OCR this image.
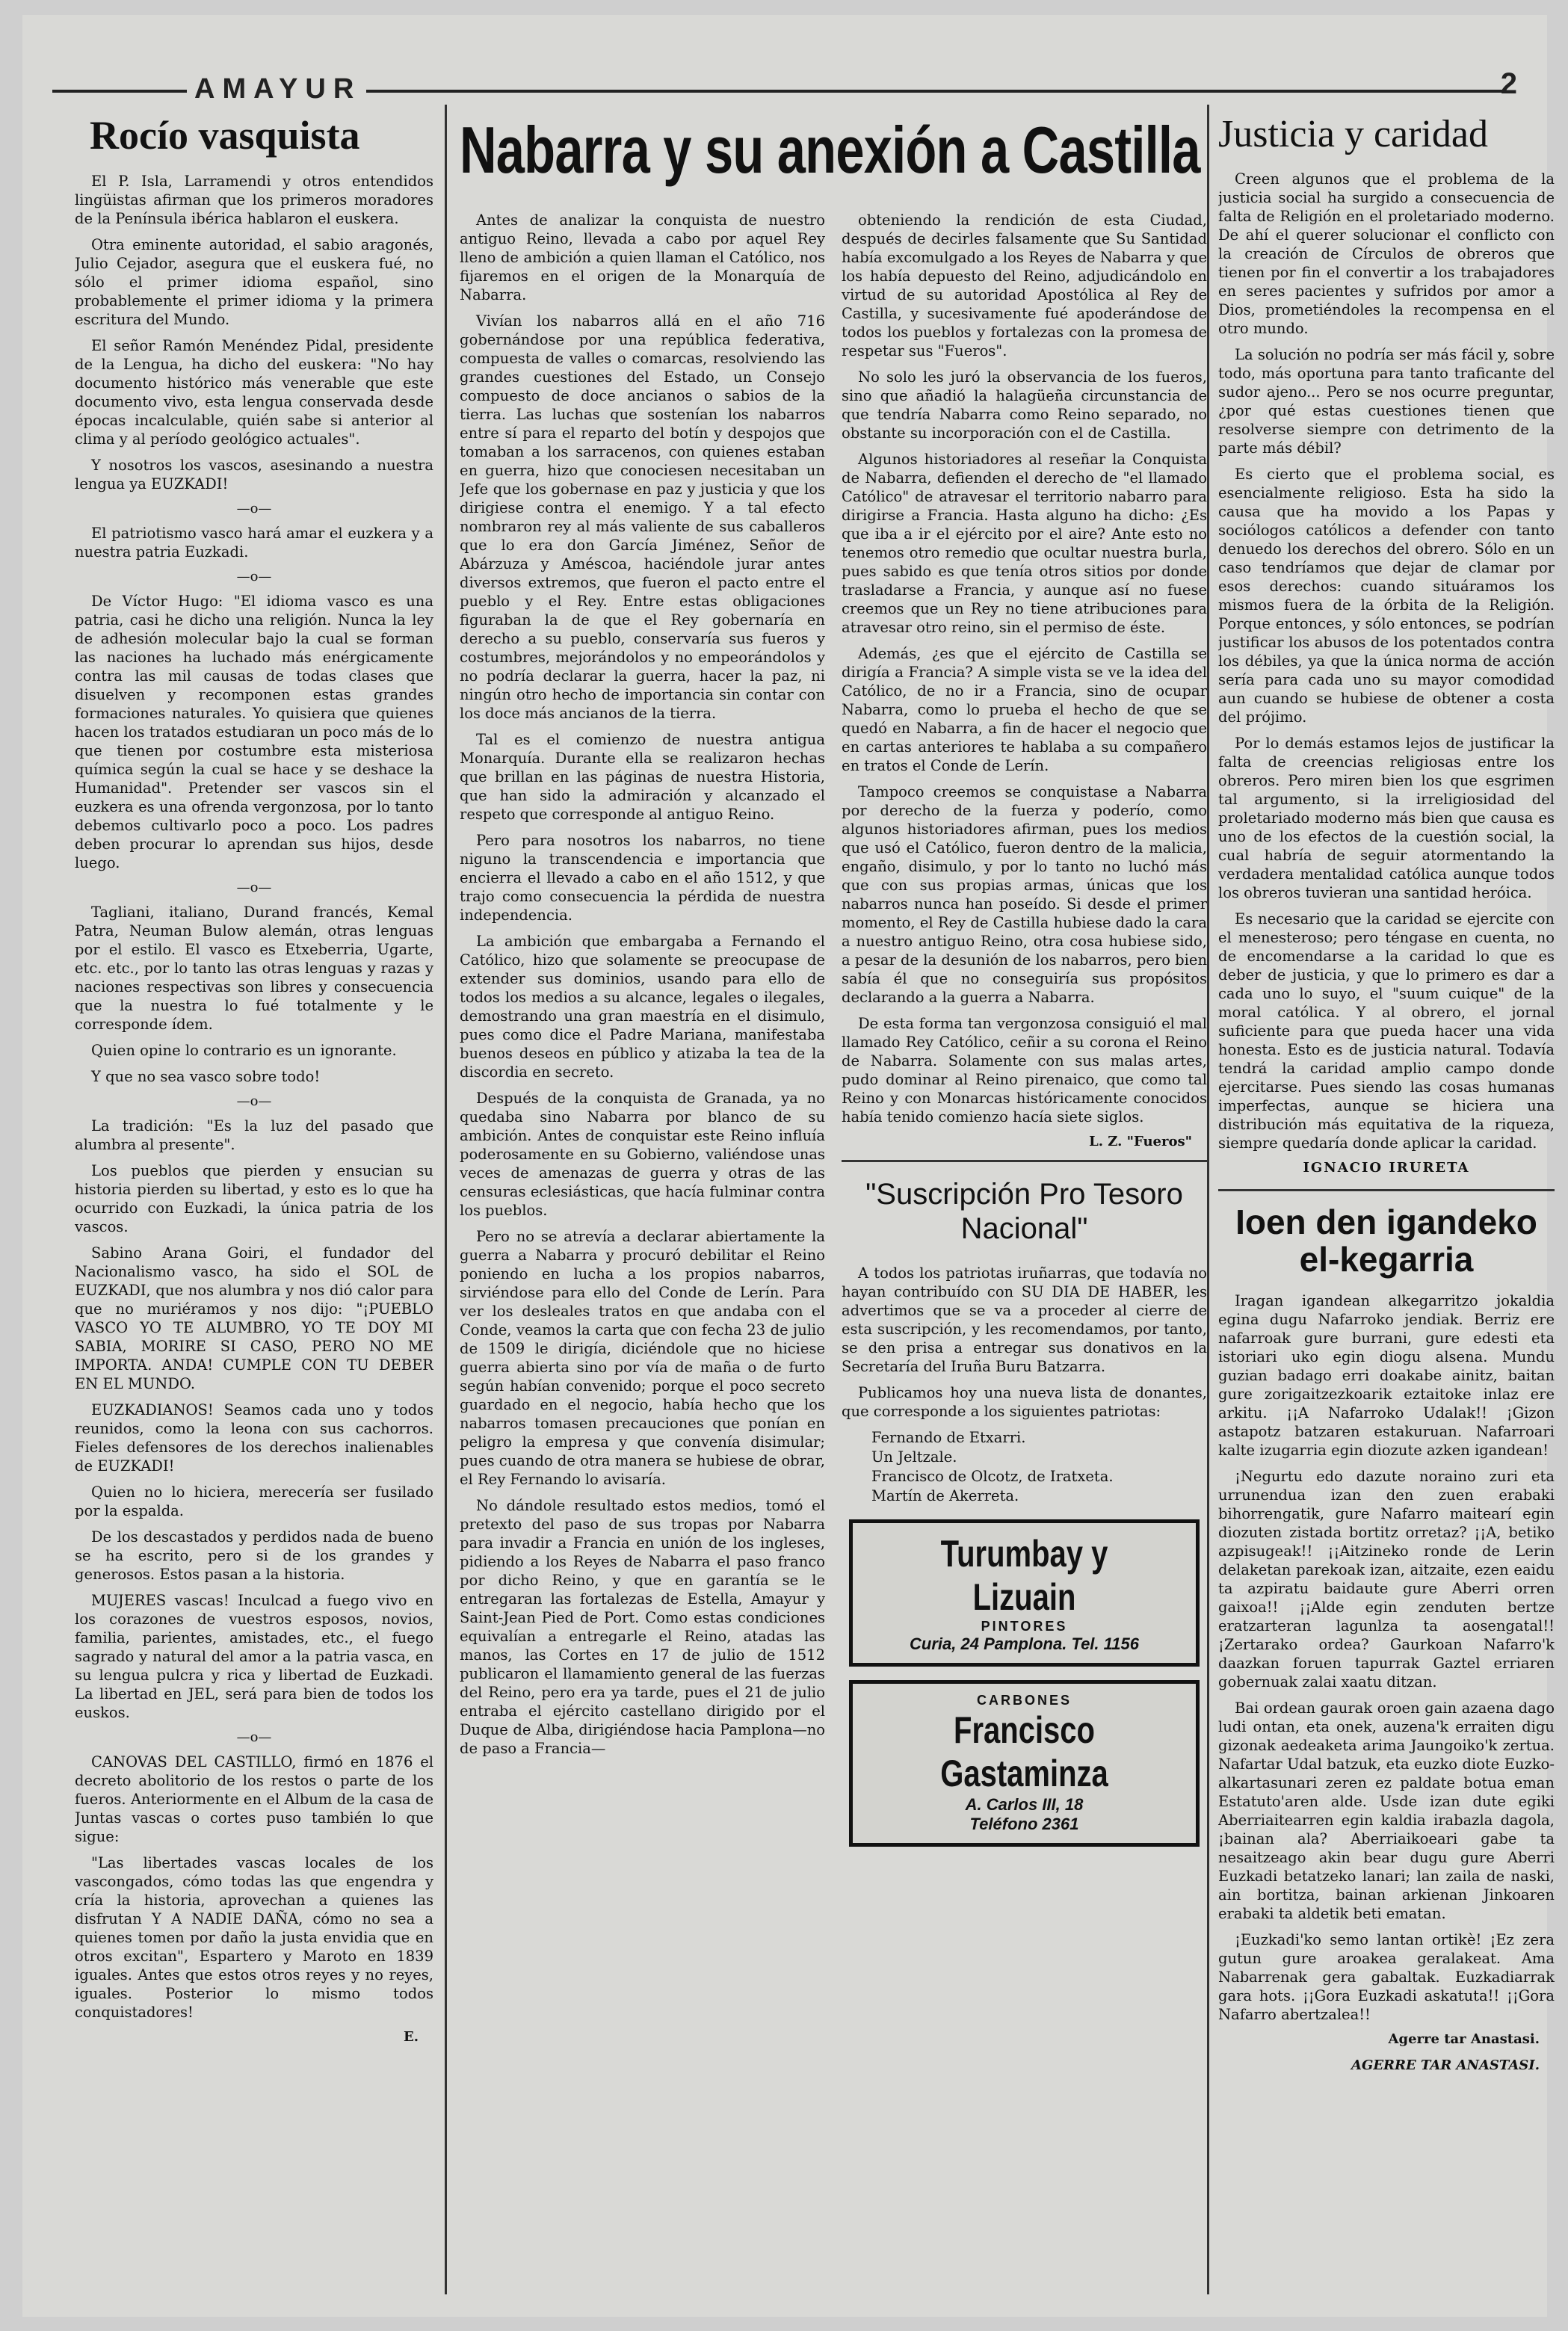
AMAYUR	2
Rocío vasquista

El P. Isla, Larramendi y otros entendidos lingüistas afirman que los primeros moradores de la Península ibérica hablaron el euskera.

Otra eminente autoridad, el sabio aragonés, Julio Cejador, asegura que el euskera fué, no sólo el primer idioma español, sino probablemente el primer idioma y la primera escritura del Mundo.

El señor Ramón Menéndez Pidal, presidente de la Lengua, ha dicho del euskera: "No hay documento histórico más venerable que este documento vivo, esta lengua conservada desde épocas incalculable, quién sabe si anterior al clima y al período geológico actuales".

Y nosotros los vascos, asesinando a nuestra lengua ya EUZKADI!

—o—

El patriotismo vasco hará amar el euzkera y a nuestra patria Euzkadi.

—o—

De Víctor Hugo: "El idioma vasco es una patria, casi he dicho una religión. Nunca la ley de adhesión molecular bajo la cual se forman las naciones ha luchado más enérgicamente contra las mil causas de todas clases que disuelven y recomponen estas grandes formaciones naturales. Yo quisiera que quienes hacen los tratados estudiaran un poco más de lo que tienen por costumbre esta misteriosa química según la cual se hace y se deshace la Humanidad". Pretender ser vascos sin el euzkera es una ofrenda vergonzosa, por lo tanto debemos cultivarlo poco a poco. Los padres deben procurar lo aprendan sus hijos, desde luego.

—o—

Tagliani, italiano, Durand francés, Kemal Patra, Neuman Bulow alemán, otras lenguas por el estilo. El vasco es Etxeberria, Ugarte, etc. etc., por lo tanto las otras lenguas y razas y naciones respectivas son libres y consecuencia que la nuestra lo fué totalmente y le corresponde ídem.

Quien opine lo contrario es un ignorante.

Y que no sea vasco sobre todo!

—o—

La tradición: "Es la luz del pasado que alumbra al presente".

Los pueblos que pierden y ensucian su historia pierden su libertad, y esto es lo que ha ocurrido con Euzkadi, la única patria de los vascos.

Sabino Arana Goiri, el fundador del Nacionalismo vasco, ha sido el SOL de EUZKADI, que nos alumbra y nos dió calor para que no muriéramos y nos dijo: "¡PUEBLO VASCO YO TE ALUMBRO, YO TE DOY MI SABIA, MORIRE SI CASO, PERO NO ME IMPORTA. ANDA! CUMPLE CON TU DEBER EN EL MUNDO.

EUZKADIANOS! Seamos cada uno y todos reunidos, como la leona con sus cachorros. Fieles defensores de los derechos inalienables de EUZKADI!

Quien no lo hiciera, merecería ser fusilado por la espalda.

De los descastados y perdidos nada de bueno se ha escrito, pero si de los grandes y generosos. Estos pasan a la historia.

MUJERES vascas! Inculcad a fuego vivo en los corazones de vuestros esposos, novios, familia, parientes, amistades, etc., el fuego sagrado y natural del amor a la patria vasca, en su lengua pulcra y rica y libertad de Euzkadi. La libertad en JEL, será para bien de todos los euskos.

—o—

CANOVAS DEL CASTILLO, firmó en 1876 el decreto abolitorio de los restos o parte de los fueros. Anteriormente en el Album de la casa de Juntas vascas o cortes puso también lo que sigue:

"Las libertades vascas locales de los vascongados, cómo todas las que engendra y cría la historia, aprovechan a quienes las disfrutan Y A NADIE DAÑA, cómo no sea a quienes tomen por daño la justa envidia que en otros excitan", Espartero y Maroto en 1839 iguales. Antes que estos otros reyes y no reyes, iguales. Posterior lo mismo todos conquistadores!

E.
Nabarra y su anexión a Castilla

Antes de analizar la conquista de nuestro antiguo Reino, llevada a cabo por aquel Rey lleno de ambición a quien llaman el Católico, nos fijaremos en el origen de la Monarquía de Nabarra.

Vivían los nabarros allá en el año 716 gobernándose por una república federativa, compuesta de valles o comarcas, resolviendo las grandes cuestiones del Estado, un Consejo compuesto de doce ancianos o sabios de la tierra. Las luchas que sostenían los nabarros entre sí para el reparto del botín y despojos que tomaban a los sarracenos, con quienes estaban en guerra, hizo que conociesen necesitaban un Jefe que los gobernase en paz y justicia y que los dirigiese contra el enemigo. Y a tal efecto nombraron rey al más valiente de sus caballeros que lo era don García Jiménez, Señor de Abárzuza y Améscoa, haciéndole jurar antes diversos extremos, que fueron el pacto entre el pueblo y el Rey. Entre estas obligaciones figuraban la de que el Rey gobernaría en derecho a su pueblo, conservaría sus fueros y costumbres, mejorándolos y no empeorándolos y no podría declarar la guerra, hacer la paz, ni ningún otro hecho de importancia sin contar con los doce más ancianos de la tierra.

Tal es el comienzo de nuestra antigua Monarquía. Durante ella se realizaron hechas que brillan en las páginas de nuestra Historia, que han sido la admiración y alcanzado el respeto que corresponde al antiguo Reino.

Pero para nosotros los nabarros, no tiene niguno la transcendencia e importancia que encierra el llevado a cabo en el año 1512, y que trajo como consecuencia la pérdida de nuestra independencia.

La ambición que embargaba a Fernando el Católico, hizo que solamente se preocupase de extender sus dominios, usando para ello de todos los medios a su alcance, legales o ilegales, demostrando una gran maestría en el disimulo, pues como dice el Padre Mariana, manifestaba buenos deseos en público y atizaba la tea de la discordia en secreto.

Después de la conquista de Granada, ya no quedaba sino Nabarra por blanco de su ambición. Antes de conquistar este Reino influía poderosamente en su Gobierno, valiéndose unas veces de amenazas de guerra y otras de las censuras eclesiásticas, que hacía fulminar contra los pueblos.

Pero no se atrevía a declarar abiertamente la guerra a Nabarra y procuró debilitar el Reino poniendo en lucha a los propios nabarros, sirviéndose para ello del Conde de Lerín. Para ver los desleales tratos en que andaba con el Conde, veamos la carta que con fecha 23 de julio de 1509 le dirigía, diciéndole que no hiciese guerra abierta sino por vía de maña o de furto según habían convenido; porque el poco secreto guardado en el negocio, había hecho que los nabarros tomasen precauciones que ponían en peligro la empresa y que convenía disimular; pues cuando de otra manera se hubiese de obrar, el Rey Fernando lo avisaría.

No dándole resultado estos medios, tomó el pretexto del paso de sus tropas por Nabarra para invadir a Francia en unión de los ingleses, pidiendo a los Reyes de Nabarra el paso franco por dicho Reino, y que en garantía se le entregaran las fortalezas de Estella, Amayur y Saint-Jean Pied de Port. Como estas condiciones equivalían a entregarle el Reino, atadas las manos, las Cortes en 17 de julio de 1512 publicaron el llamamiento general de las fuerzas del Reino, pero era ya tarde, pues el 21 de julio entraba el ejército castellano dirigido por el Duque de Alba, dirigiéndose hacia Pamplona—no de paso a Francia—

obteniendo la rendición de esta Ciudad, después de decirles falsamente que Su Santidad había excomulgado a los Reyes de Nabarra y que los había depuesto del Reino, adjudicándolo en virtud de su autoridad Apostólica al Rey de Castilla, y sucesivamente fué apoderándose de todos los pueblos y fortalezas con la promesa de respetar sus "Fueros".

No solo les juró la observancia de los fueros, sino que añadió la halagüeña circunstancia de que tendría Nabarra como Reino separado, no obstante su incorporación con el de Castilla.

Algunos historiadores al reseñar la Conquista de Nabarra, defienden el derecho de "el llamado Católico" de atravesar el territorio nabarro para dirigirse a Francia. Hasta alguno ha dicho: ¿Es que iba a ir el ejército por el aire? Ante esto no tenemos otro remedio que ocultar nuestra burla, pues sabido es que tenía otros sitios por donde trasladarse a Francia, y aunque así no fuese creemos que un Rey no tiene atribuciones para atravesar otro reino, sin el permiso de éste.

Además, ¿es que el ejército de Castilla se dirigía a Francia? A simple vista se ve la idea del Católico, de no ir a Francia, sino de ocupar Nabarra, como lo prueba el hecho de que se quedó en Nabarra, a fin de hacer el negocio que en cartas anteriores te hablaba a su compañero en tratos el Conde de Lerín.

Tampoco creemos se conquistase a Nabarra por derecho de la fuerza y poderío, como algunos historiadores afirman, pues los medios que usó el Católico, fueron dentro de la malicia, engaño, disimulo, y por lo tanto no luchó más que con sus propias armas, únicas que los nabarros nunca han poseído. Si desde el primer momento, el Rey de Castilla hubiese dado la cara a nuestro antiguo Reino, otra cosa hubiese sido, a pesar de la desunión de los nabarros, pero bien sabía él que no conseguiría sus propósitos declarando a la guerra a Nabarra.

De esta forma tan vergonzosa consiguió el mal llamado Rey Católico, ceñir a su corona el Reino de Nabarra. Solamente con sus malas artes, pudo dominar al Reino pirenaico, que como tal Reino y con Monarcas históricamente conocidos había tenido comienzo hacía siete siglos.

L. Z. "Fueros"
"Suscripción Pro Tesoro Nacional"

A todos los patriotas iruñarras, que todavía no hayan contribuído con SU DIA DE HABER, les advertimos que se va a proceder al cierre de esta suscripción, y les recomendamos, por tanto, se den prisa a entregar sus donativos en la Secretaría del Iruña Buru Batzarra.

Publicamos hoy una nueva lista de donantes, que corresponde a los siguientes patriotas:

Fernando de Etxarri.
Un Jeltzale.
Francisco de Olcotz, de Iratxeta.
Martín de Akerreta.
Turumbay y Lizuain
PINTORES
Curia, 24 Pamplona. Tel. 1156
CARBONES
Francisco Gastaminza
A. Carlos III, 18
Teléfono 2361
Justicia y caridad

Creen algunos que el problema de la justicia social ha surgido a consecuencia de falta de Religión en el proletariado moderno. De ahí el querer solucionar el conflicto con la creación de Círculos de obreros que tienen por fin el convertir a los trabajadores en seres pacientes y sufridos por amor a Dios, prometiéndoles la recompensa en el otro mundo.

La solución no podría ser más fácil y, sobre todo, más oportuna para tanto traficante del sudor ajeno... Pero se nos ocurre preguntar, ¿por qué estas cuestiones tienen que resolverse siempre con detrimento de la parte más débil?

Es cierto que el problema social, es esencialmente religioso. Esta ha sido la causa que ha movido a los Papas y sociólogos católicos a defender con tanto denuedo los derechos del obrero. Sólo en un caso tendríamos que dejar de clamar por esos derechos: cuando situáramos los mismos fuera de la órbita de la Religión. Porque entonces, y sólo entonces, se podrían justificar los abusos de los potentados contra los débiles, ya que la única norma de acción sería para cada uno su mayor comodidad aun cuando se hubiese de obtener a costa del prójimo.

Por lo demás estamos lejos de justificar la falta de creencias religiosas entre los obreros. Pero miren bien los que esgrimen tal argumento, si la irreligiosidad del proletariado moderno más bien que causa es uno de los efectos de la cuestión social, la cual habría de seguir atormentando la verdadera mentalidad católica aunque todos los obreros tuvieran una santidad heróica.

Es necesario que la caridad se ejercite con el menesteroso; pero téngase en cuenta, no de encomendarse a la caridad lo que es deber de justicia, y que lo primero es dar a cada uno lo suyo, el "suum cuique" de la moral católica. Y al obrero, el jornal suficiente para que pueda hacer una vida honesta. Esto es de justicia natural. Todavía tendrá la caridad amplio campo donde ejercitarse. Pues siendo las cosas humanas imperfectas, aunque se hiciera una distribución más equitativa de la riqueza, siempre quedaría donde aplicar la caridad.

IGNACIO IRURETA
Ioen den igandeko el-kegarria

Iragan igandean alkegarritzo jokaldia egina dugu Nafarroko jendiak. Berriz ere nafarroak gure burrani, gure edesti eta istoriari uko egin diogu alsena. Mundu guzian badago erri doakabe ainitz, baitan gure zorigaitzezkoarik eztaitoke inlaz ere arkitu. ¡¡A Nafarroko Udalak!! ¡Gizon astapotz batzaren estakuruan. Nafarroari kalte izugarria egin diozute azken igandean!

¡Negurtu edo dazute noraino zuri eta urrunendua izan den zuen erabaki bihorrengatik, gure Nafarro maitearí egin diozuten zistada bortitz orretaz? ¡¡A, betiko azpisugeak!! ¡¡Aitzineko ronde de Lerin delaketan parekoak izan, aitzaite, ezen eaidu ta azpiratu baidaute gure Aberri orren gaixoa!! ¡¡Alde egin zenduten bertze eratzarteran lagunlza ta aosengatal!! ¡Zertarako ordea? Gaurkoan Nafarro'k daazkan foruen tapurrak Gaztel erriaren gobernuak zalai xaatu ditzan.

Bai ordean gaurak oroen gain azaena dago ludi ontan, eta onek, auzena'k erraiten digu gizonak aedeaketa arima Jaungoiko'k zertua. Nafartar Udal batzuk, eta euzko diote Euzko-alkartasunari zeren ez paldate botua eman Estatuto'aren alde. Usde izan dute egiki Aberriaitearren egin kaldia irabazla dagola, ¡bainan ala? Aberriaikoeari gabe ta nesaitzeago akin bear dugu gure Aberri Euzkadi betatzeko lanari; lan zaila de naski, ain bortitza, bainan arkienan Jinkoaren erabaki ta aldetik beti ematan.

¡Euzkadi'ko semo lantan ortikè! ¡Ez zera gutun gure aroakea geralakeat. Ama Nabarrenak gera gabaltak. Euzkadiarrak gara hots. ¡¡Gora Euzkadi askatuta!! ¡¡Gora Nafarro abertzalea!!

Agerre tar Anastasi.
AGERRE TAR ANASTASI.
